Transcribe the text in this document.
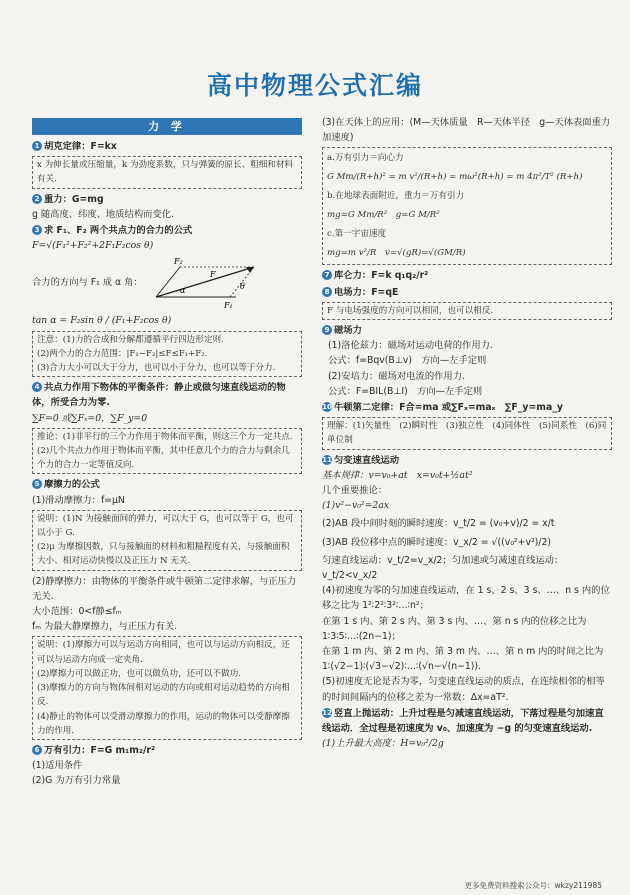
高中物理公式汇编
力 学
1 胡克定律：F=kx
x 为伸长量或压缩量，k 为劲度系数，只与弹簧的原长、粗细和材料有关.
2 重力：G=mg
g 随高度、纬度、地质结构而变化.
3 求 F₁、F₂ 两个共点力的合力的公式
F=√(F₁²+F₂²+2F₁F₂cos θ)
合力的方向与 F₁ 成 α 角：
F₂
F
F₁
α	θ
tan α = F₂sin θ / (F₁+F₂cos θ)
注意：(1)力的合成和分解都遵循平行四边形定则.
(2)两个力的合力范围：|F₁−F₂|≤F≤F₁+F₂.
(3)合力大小可以大于分力，也可以小于分力，也可以等于分力.
4 共点力作用下物体的平衡条件：静止或做匀速直线运动的物体，所受合力为零.
∑F=0 或∑Fₓ=0，∑F_y=0
推论：(1)非平行的三个力作用于物体而平衡，则这三个力一定共点.
(2)几个共点力作用于物体而平衡，其中任意几个力的合力与剩余几个力的合力一定等值反向.
5 摩擦力的公式
(1)滑动摩擦力：f=μN
说明：(1)N 为接触面间的弹力，可以大于 G，也可以等于 G，也可以小于 G.
(2)μ 为摩擦因数，只与接触面的材料和粗糙程度有关，与接触面积大小、相对运动快慢以及正压力 N 无关.
(2)静摩擦力：由物体的平衡条件或牛顿第二定律求解，与正压力无关.
大小范围：0<f静≤fₘ
fₘ 为最大静摩擦力，与正压力有关.
说明：(1)摩擦力可以与运动方向相同，也可以与运动方向相反，还可以与运动方向成一定夹角.
(2)摩擦力可以做正功，也可以做负功，还可以不做功.
(3)摩擦力的方向与物体间相对运动的方向或相对运动趋势的方向相反.
(4)静止的物体可以受滑动摩擦力的作用，运动的物体可以受静摩擦力的作用.
6 万有引力：F=G m₁m₂/r²
(1)适用条件
(2)G 为万有引力常量
(3)在天体上的应用：(M—天体质量　R—天体半径　g—天体表面重力加速度)
a.万有引力＝向心力
G Mm/(R+h)² = m v²/(R+h) = mω²(R+h) = m 4π²/T² (R+h)
b.在地球表面附近，重力＝万有引力
mg=G Mm/R²　g=G M/R²
c.第一宇宙速度
mg=m v²/R　v=√(gR)=√(GM/R)
7 库仑力：F=k q₁q₂/r²
8 电场力：F=qE
F 与电场强度的方向可以相同，也可以相反.
9 磁场力
(1)洛伦兹力：磁场对运动电荷的作用力.
公式：f=Bqv(B⊥v)　方向—左手定则
(2)安培力：磁场对电流的作用力.
公式：F=BIL(B⊥I)　方向—左手定则
10 牛顿第二定律：F合=ma 或∑Fₓ=maₓ　∑F_y=ma_y
理解：(1)矢量性　(2)瞬时性　(3)独立性　(4)同体性　(5)同系性　(6)同单位制
11 匀变速直线运动
基本规律：v=v₀+at　x=v₀t+½at²
几个重要推论：
(1)v²−v₀²=2ax
(2)AB 段中间时刻的瞬时速度：v_t/2 = (v₀+v)/2 = x/t
(3)AB 段位移中点的瞬时速度：v_x/2 = √((v₀²+v²)/2)
匀速直线运动：v_t/2=v_x/2；匀加速或匀减速直线运动：v_t/2<v_x/2
(4)初速度为零的匀加速直线运动，在 1 s、2 s、3 s、…、n s 内的位移之比为 1²∶2²∶3²∶…∶n²；
在第 1 s 内、第 2 s 内、第 3 s 内、…、第 n s 内的位移之比为 1∶3∶5∶…∶(2n−1)；
在第 1 m 内、第 2 m 内、第 3 m 内、…、第 n m 内的时间之比为 1∶(√2−1)∶(√3−√2)∶…∶(√n−√(n−1)).
(5)初速度无论是否为零，匀变速直线运动的质点，在连续相邻的相等的时间间隔内的位移之差为一常数：Δx=aT².
12 竖直上抛运动：上升过程是匀减速直线运动，下落过程是匀加速直线运动．全过程是初速度为 v₀、加速度为 −g 的匀变速直线运动.
(1)上升最大高度：H=v₀²/2g
更多免费资料搜索公众号：wkzy211985
